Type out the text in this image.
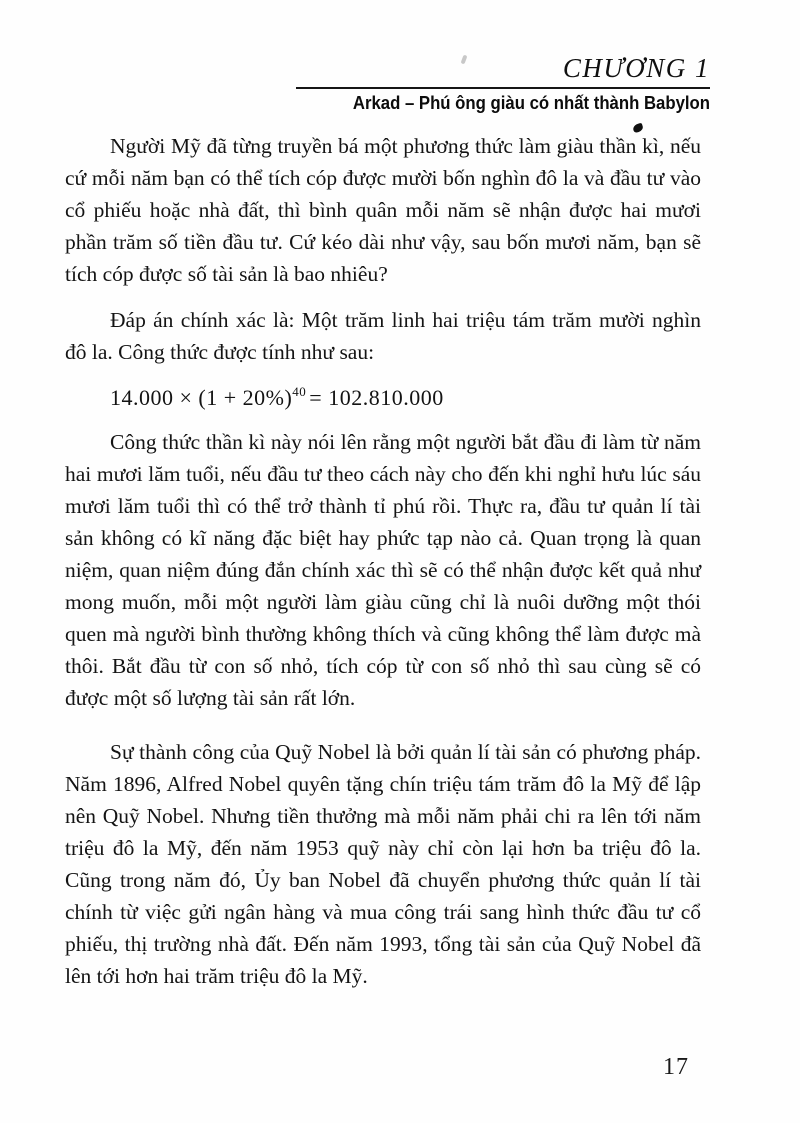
CHƯƠNG 1
Arkad – Phú ông giàu có nhất thành Babylon

Người Mỹ đã từng truyền bá một phương thức làm giàu thần kì, nếu cứ mỗi năm bạn có thể tích cóp được mười bốn nghìn đô la và đầu tư vào cổ phiếu hoặc nhà đất, thì bình quân mỗi năm sẽ nhận được hai mươi phần trăm số tiền đầu tư. Cứ kéo dài như vậy, sau bốn mươi năm, bạn sẽ tích cóp được số tài sản là bao nhiêu?

Đáp án chính xác là: Một trăm linh hai triệu tám trăm mười nghìn đô la. Công thức được tính như sau:

$14.000 \times (1 + 20\%)^{40} = 102.810.000$

Công thức thần kì này nói lên rằng một người bắt đầu đi làm từ năm hai mươi lăm tuổi, nếu đầu tư theo cách này cho đến khi nghỉ hưu lúc sáu mươi lăm tuổi thì có thể trở thành tỉ phú rồi. Thực ra, đầu tư quản lí tài sản không có kĩ năng đặc biệt hay phức tạp nào cả. Quan trọng là quan niệm, quan niệm đúng đắn chính xác thì sẽ có thể nhận được kết quả như mong muốn, mỗi một người làm giàu cũng chỉ là nuôi dưỡng một thói quen mà người bình thường không thích và cũng không thể làm được mà thôi. Bắt đầu từ con số nhỏ, tích cóp từ con số nhỏ thì sau cùng sẽ có được một số lượng tài sản rất lớn.

Sự thành công của Quỹ Nobel là bởi quản lí tài sản có phương pháp. Năm 1896, Alfred Nobel quyên tặng chín triệu tám trăm đô la Mỹ để lập nên Quỹ Nobel. Nhưng tiền thưởng mà mỗi năm phải chi ra lên tới năm triệu đô la Mỹ, đến năm 1953 quỹ này chỉ còn lại hơn ba triệu đô la. Cũng trong năm đó, Ủy ban Nobel đã chuyển phương thức quản lí tài chính từ việc gửi ngân hàng và mua công trái sang hình thức đầu tư cổ phiếu, thị trường nhà đất. Đến năm 1993, tổng tài sản của Quỹ Nobel đã lên tới hơn hai trăm triệu đô la Mỹ.

17
